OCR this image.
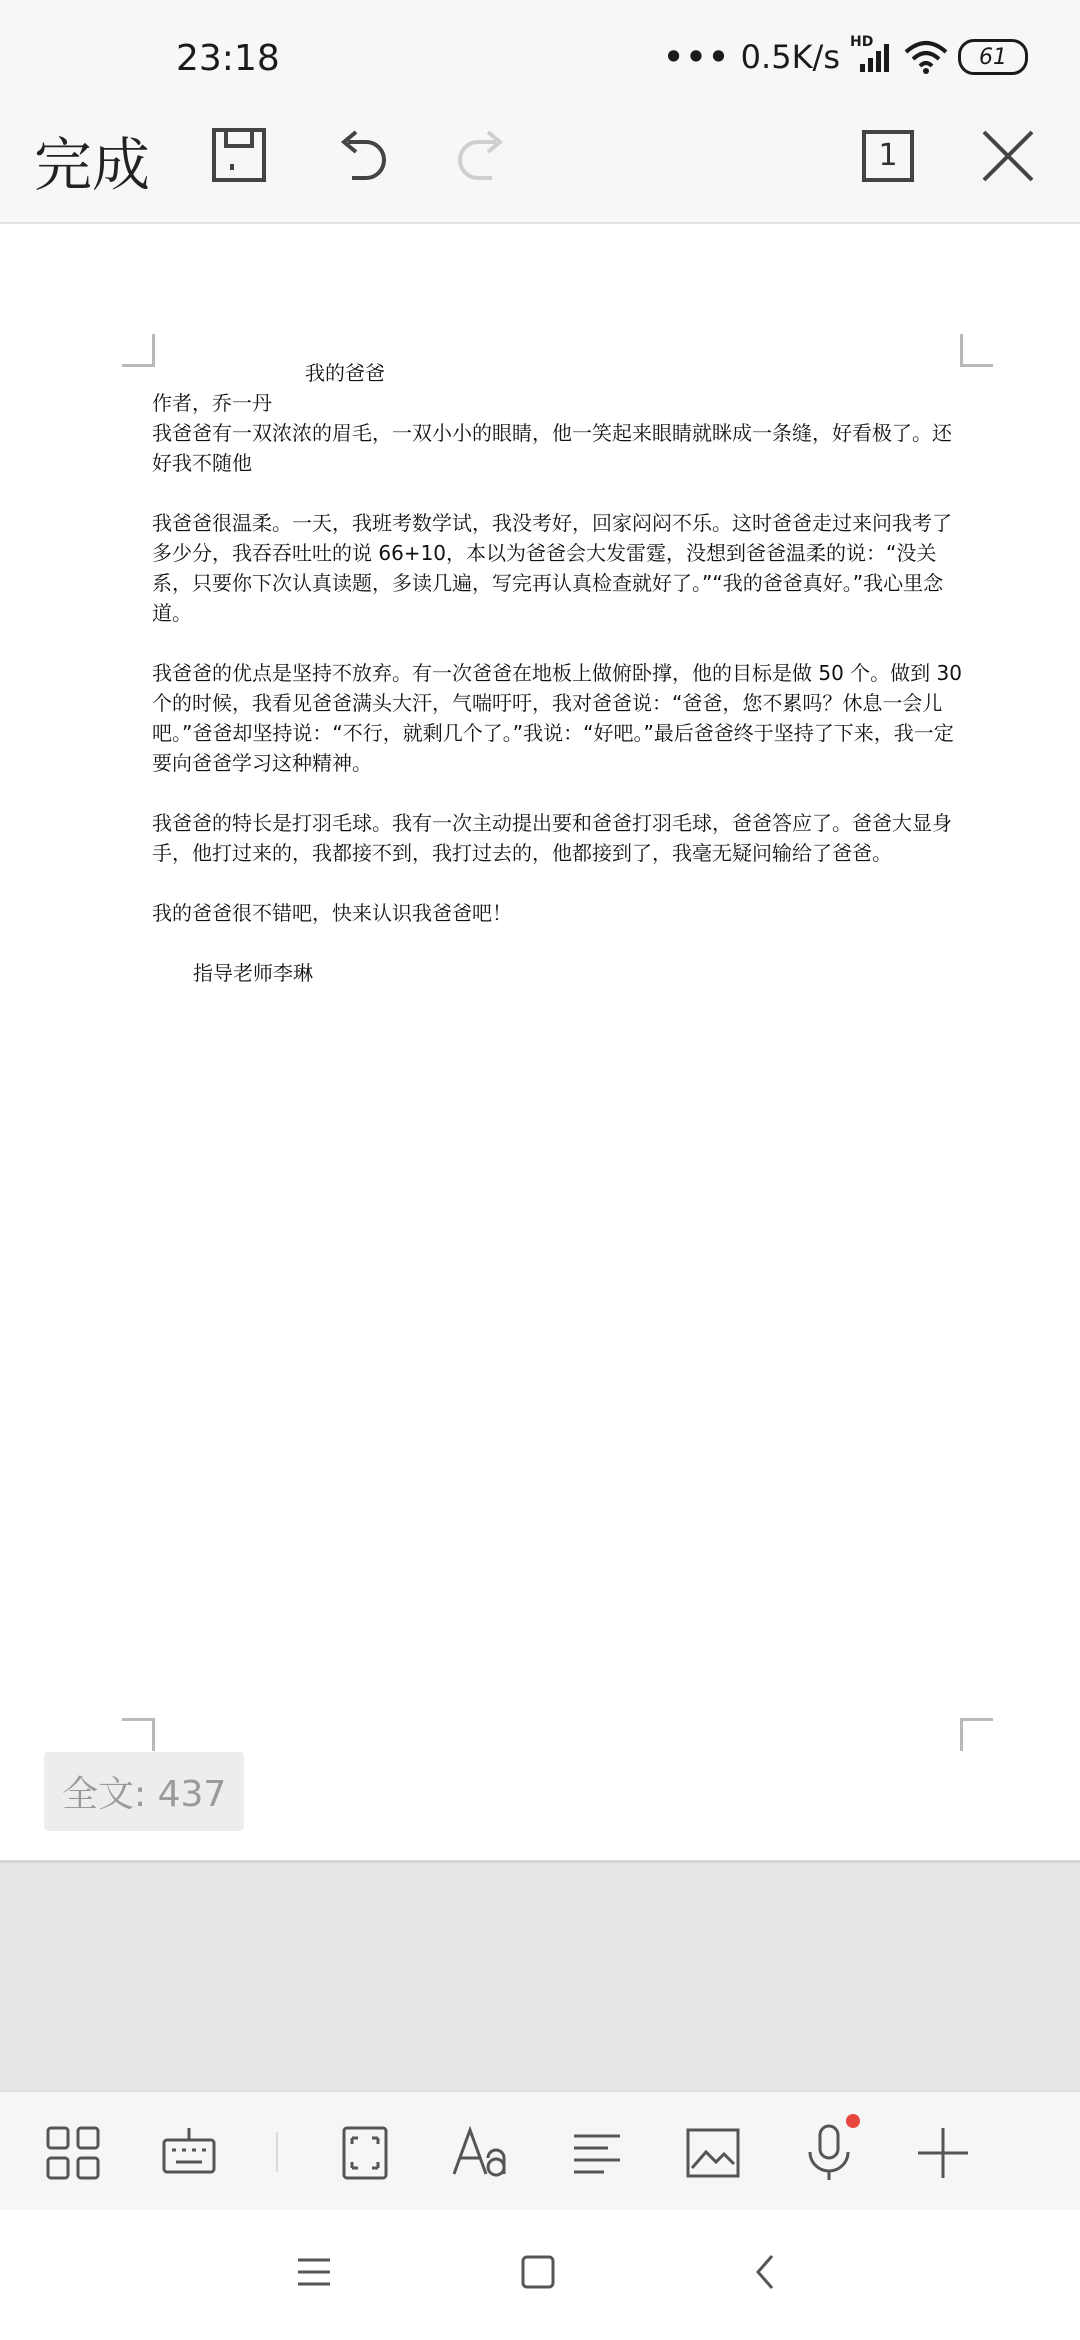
23:18	••• 0.5K/s HD
61
完成	1

我的爸爸

作者，乔一丹

我爸爸有一双浓浓的眉毛，一双小小的眼睛，他一笑起来眼睛就眯成一条缝，好看极了。还好我不随他

我爸爸很温柔。一天，我班考数学试，我没考好，回家闷闷不乐。这时爸爸走过来问我考了多少分，我吞吞吐吐的说 66+10，本以为爸爸会大发雷霆，没想到爸爸温柔的说：“没关系，只要你下次认真读题，多读几遍，写完再认真检查就好了。”“我的爸爸真好。”我心里念道。

我爸爸的优点是坚持不放弃。有一次爸爸在地板上做俯卧撑，他的目标是做 50 个。做到 30 个的时候，我看见爸爸满头大汗，气喘吁吁，我对爸爸说：“爸爸，您不累吗？休息一会儿吧。”爸爸却坚持说：“不行，就剩几个了。”我说：“好吧。”最后爸爸终于坚持了下来，我一定要向爸爸学习这种精神。

我爸爸的特长是打羽毛球。我有一次主动提出要和爸爸打羽毛球，爸爸答应了。爸爸大显身手，他打过来的，我都接不到，我打过去的，他都接到了，我毫无疑问输给了爸爸。

我的爸爸很不错吧，快来认识我爸爸吧！

指导老师李琳

全文: 437
